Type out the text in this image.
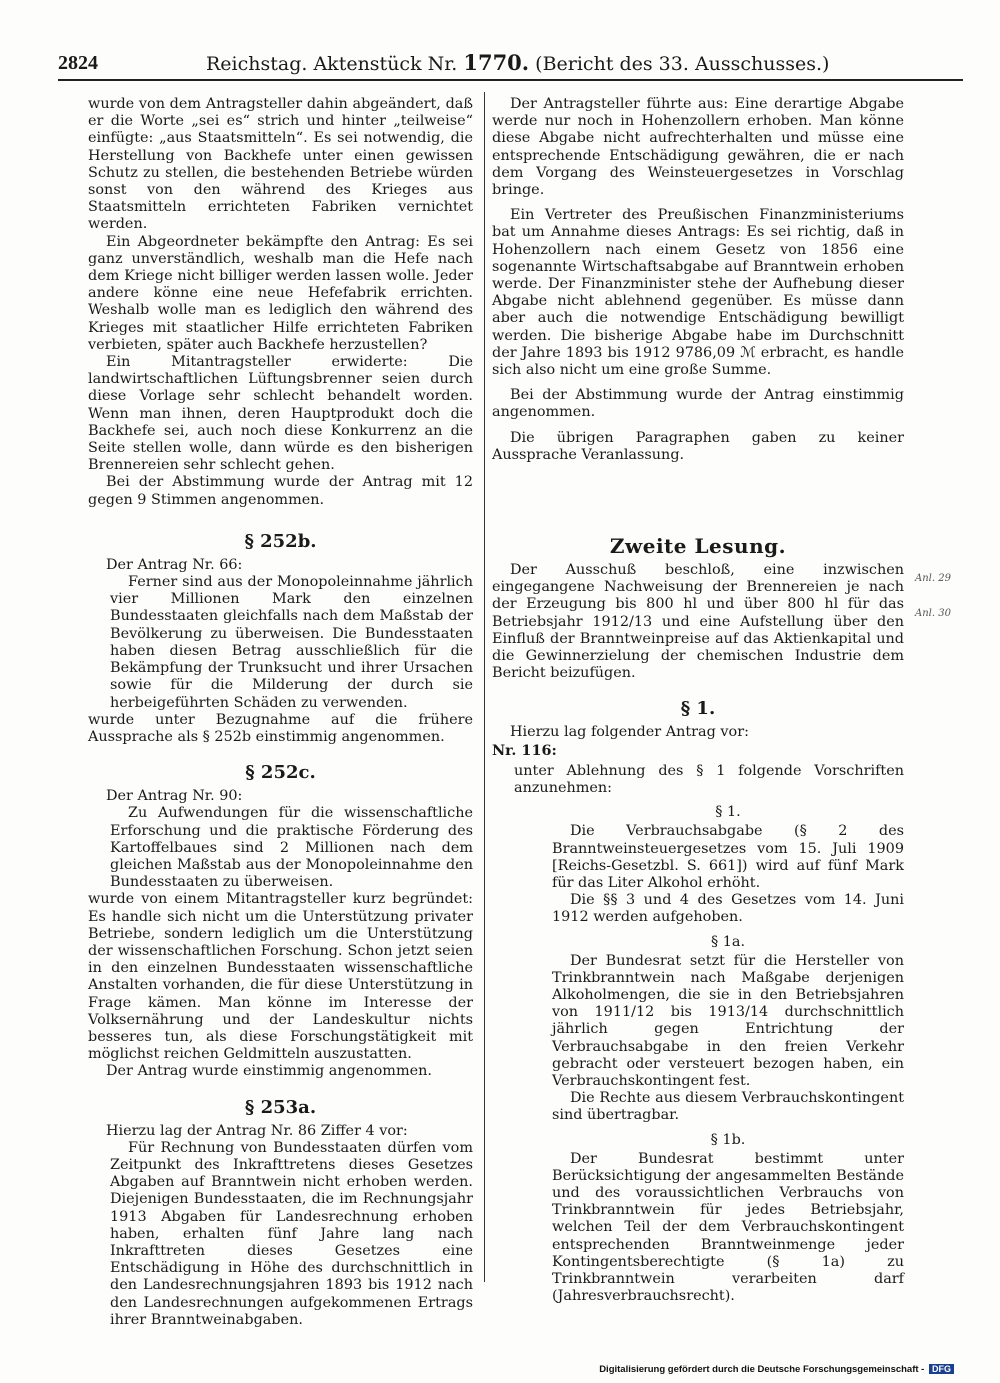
2824	Reichstag. Aktenstück Nr. 1770. (Bericht des 33. Ausschusses.)

wurde von dem Antragsteller dahin abgeändert, daß er die Worte „sei es“ strich und hinter „teilweise“ einfügte: „aus Staatsmitteln“. Es sei notwendig, die Herstellung von Backhefe unter einen gewissen Schutz zu stellen, die bestehenden Betriebe würden sonst von den während des Krieges aus Staatsmitteln errichteten Fabriken vernichtet werden.

Ein Abgeordneter bekämpfte den Antrag: Es sei ganz unverständlich, weshalb man die Hefe nach dem Kriege nicht billiger werden lassen wolle. Jeder andere könne eine neue Hefefabrik errichten. Weshalb wolle man es lediglich den während des Krieges mit staatlicher Hilfe errichteten Fabriken verbieten, später auch Backhefe herzustellen?

Ein Mitantragsteller erwiderte: Die landwirtschaftlichen Lüftungsbrenner seien durch diese Vorlage sehr schlecht behandelt worden. Wenn man ihnen, deren Hauptprodukt doch die Backhefe sei, auch noch diese Konkurrenz an die Seite stellen wolle, dann würde es den bisherigen Brennereien sehr schlecht gehen.

Bei der Abstimmung wurde der Antrag mit 12 gegen 9 Stimmen angenommen.

§ 252b.

Der Antrag Nr. 66:

Ferner sind aus der Monopoleinnahme jährlich vier Millionen Mark den einzelnen Bundesstaaten gleichfalls nach dem Maßstab der Bevölkerung zu überweisen. Die Bundesstaaten haben diesen Betrag ausschließlich für die Bekämpfung der Trunksucht und ihrer Ursachen sowie für die Milderung der durch sie herbeigeführten Schäden zu verwenden.

wurde unter Bezugnahme auf die frühere Aussprache als § 252b einstimmig angenommen.

§ 252c.

Der Antrag Nr. 90:

Zu Aufwendungen für die wissenschaftliche Erforschung und die praktische Förderung des Kartoffelbaues sind 2 Millionen nach dem gleichen Maßstab aus der Monopoleinnahme den Bundesstaaten zu überweisen.

wurde von einem Mitantragsteller kurz begründet: Es handle sich nicht um die Unterstützung privater Betriebe, sondern lediglich um die Unterstützung der wissenschaftlichen Forschung. Schon jetzt seien in den einzelnen Bundesstaaten wissenschaftliche Anstalten vorhanden, die für diese Unterstützung in Frage kämen. Man könne im Interesse der Volksernährung und der Landeskultur nichts besseres tun, als diese Forschungstätigkeit mit möglichst reichen Geldmitteln auszustatten.

Der Antrag wurde einstimmig angenommen.

§ 253a.

Hierzu lag der Antrag Nr. 86 Ziffer 4 vor:

Für Rechnung von Bundesstaaten dürfen vom Zeitpunkt des Inkrafttretens dieses Gesetzes Abgaben auf Branntwein nicht erhoben werden. Diejenigen Bundesstaaten, die im Rechnungsjahr 1913 Abgaben für Landesrechnung erhoben haben, erhalten fünf Jahre lang nach Inkrafttreten dieses Gesetzes eine Entschädigung in Höhe des durchschnittlich in den Landesrechnungsjahren 1893 bis 1912 nach den Landesrechnungen aufgekommenen Ertrags ihrer Branntweinabgaben.

Der Antragsteller führte aus: Eine derartige Abgabe werde nur noch in Hohenzollern erhoben. Man könne diese Abgabe nicht aufrechterhalten und müsse eine entsprechende Entschädigung gewähren, die er nach dem Vorgang des Weinsteuergesetzes in Vorschlag bringe.

Ein Vertreter des Preußischen Finanzministeriums bat um Annahme dieses Antrags: Es sei richtig, daß in Hohenzollern nach einem Gesetz von 1856 eine sogenannte Wirtschaftsabgabe auf Branntwein erhoben werde. Der Finanzminister stehe der Aufhebung dieser Abgabe nicht ablehnend gegenüber. Es müsse dann aber auch die notwendige Entschädigung bewilligt werden. Die bisherige Abgabe habe im Durchschnitt der Jahre 1893 bis 1912 9786,09 ℳ erbracht, es handle sich also nicht um eine große Summe.

Bei der Abstimmung wurde der Antrag einstimmig angenommen.

Die übrigen Paragraphen gaben zu keiner Aussprache Veranlassung.

Zweite Lesung.

Der Ausschuß beschloß, eine inzwischen eingegangene Nachweisung der Brennereien je nach der Erzeugung bis 800 hl und über 800 hl für das Betriebsjahr 1912/13 und eine Aufstellung über den Einfluß der Branntweinpreise auf das Aktienkapital und die Gewinnerzielung der chemischen Industrie dem Bericht beizufügen.

§ 1.

Hierzu lag folgender Antrag vor:

Nr. 116:

unter Ablehnung des § 1 folgende Vorschriften anzunehmen:

§ 1.

Die Verbrauchsabgabe (§ 2 des Branntweinsteuergesetzes vom 15. Juli 1909 [Reichs-Gesetzbl. S. 661]) wird auf fünf Mark für das Liter Alkohol erhöht.

Die §§ 3 und 4 des Gesetzes vom 14. Juni 1912 werden aufgehoben.

§ 1a.

Der Bundesrat setzt für die Hersteller von Trinkbranntwein nach Maßgabe derjenigen Alkoholmengen, die sie in den Betriebsjahren von 1911/12 bis 1913/14 durchschnittlich jährlich gegen Entrichtung der Verbrauchsabgabe in den freien Verkehr gebracht oder versteuert bezogen haben, ein Verbrauchskontingent fest.

Die Rechte aus diesem Verbrauchskontingent sind übertragbar.

§ 1b.

Der Bundesrat bestimmt unter Berücksichtigung der angesammelten Bestände und des voraussichtlichen Verbrauchs von Trinkbranntwein für jedes Betriebsjahr, welchen Teil der dem Verbrauchskontingent entsprechenden Branntweinmenge jeder Kontingentsberechtigte (§ 1a) zu Trinkbranntwein verarbeiten darf (Jahresverbrauchsrecht).

Anl. 29
Anl. 30
Digitalisierung gefördert durch die Deutsche Forschungsgemeinschaft - DFG
